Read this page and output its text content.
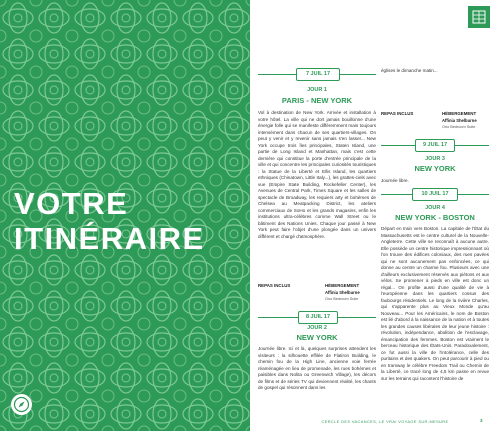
VOTRE
ITINÉRAIRE
7 JUIL 17
JOUR 1
PARIS - NEW YORK
Vol à destination de New York. Arrivée et installation à votre hôtel. La ville qui ne dort jamais bouillonne d'une énergie folle qui se manifeste différemment mais toujours intensément dans chacun de ses quartiers-villages. On peut y venir et y revenir sans jamais s'en lasser... New York occupe trois îles principales, Staten Island, une partie de Long Island et Manhattan, mais c'est cette dernière qui constitue la porte d'entrée principale de la ville et qui concentre les principales curiosités touristiques : la Statue de la Liberté et Ellis Island, les quartiers ethniques (Chinatown, Little Italy...), les grattes-ciels avec vue (Empire State Building, Rockefeller Center), les Avenues de Central Park, Times Square et les salles de spectacle de Broadway, les requiers arty et bohèmes de Chelsea au Meatpacking District, les ateliers commerciaux de SoHo et les grands magasins, enfin les institutions ultra-célèbres comme Wall Street ou le bâtiment des Nations Unies. Chaque jour passé à New York peut faire l'objet d'une plongée dans un univers différent et chargé d'atmosphère.
REPAS INCLUS	HÉBERGEMENT
Affinia Shelburne
Ono Bedroom Suite
8 JUIL 17
JOUR 2
NEW YORK
Journée libre. Ici et là, quelques surprises attendent les visiteurs : la silhouette effilée de Flatiron Building, le chemin fou de la High Line, ancienne voie ferrée réaménagée en lieu de promenade, les rues bohèmes et paisibles dans Nolita ou Greenwich Village), les décors de films et de séries TV qui deviennent réalité, les chants de gospel qui résonnent dans les
églises le dimanche matin...
REPAS INCLUS	HÉBERGEMENT
Affinia Shelburne
Ono Bedroom Suite
9 JUIL 17
JOUR 3
NEW YORK
Journée libre.
10 JUIL 17
JOUR 4
NEW YORK - BOSTON
Départ en train vers Boston. La capitale de l'État du Massachusetts est le centre culturel de la Nouvelle-Angleterre. Cette ville se reconnaît à aucune autre. Elle possède un centre historique impressionnant où l'on trouve des édifices coloniaux, des rues pavées qui ne sont aucunement pas enfoncées, ce qui donne au centre un charme fou. Plusieurs avec une d'ailleurs exclusivement réservés aux piétons et aux vélos. Se promener à pieds en ville est donc un régal... On profite aussi d'une qualité de vie à l'européenne dans les quartiers cossus des faubourgs résidentiels. Le long de la rivière Charles, qui s'apparente plus au Vieux Monde qu'au Nouveau... Pour les Américains, le nom de Boston est lié d'abord à la naissance de la nation et à toutes les grandes causes libérales de leur jeune histoire : révolution, indépendance, abolition de l'esclavage, émancipation des femmes. Boston est vraiment le berceau historique des États-Unis. Paradoxalement, ce fut aussi la ville de l'intolérance, celle des puritains et des quakers. On peut parcourir à pied ou en tramway le célèbre Freedom Trail ou Chemin de la Liberté, ce tracé long de 4,5 km passe en revue sur les terrains qui racontent l'histoire de
CERCLE DES VACANCES, LE VRAI VOYAGE SUR-MESURE	3
